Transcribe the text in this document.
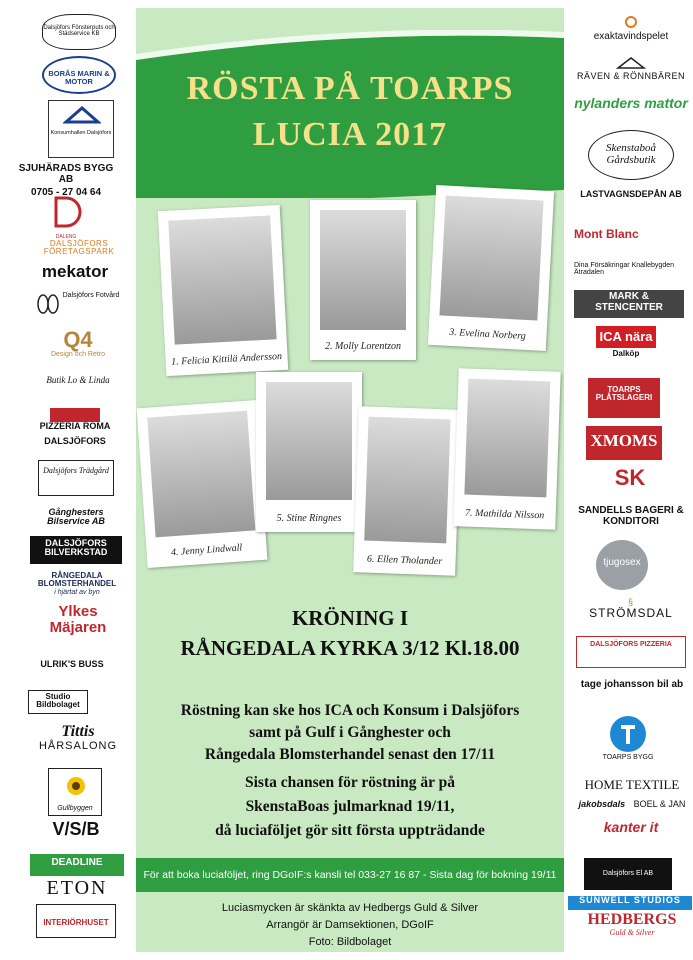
Dalsjöfors Fönsterputs och Städservice KB
BORÅS MARIN & MOTOR
Konsumhallen Dalsjöfors
SJUHÄRADS BYGG AB
0705 - 27 04 64
DALENG
DALSJÖFORS FÖRETAGSPARK
mekator
Dalsjöfors Fotvård
Q4
Design och Retro
Butik Lo & Linda
PIZZERIA ROMA
DALSJÖFORS
Dalsjöfors Trädgård
Gånghesters Bilservice AB
DALSJÖFORS BILVERKSTAD
RÅNGEDALA BLOMSTERHANDEL
i hjärtat av byn
Ylkes Mäjaren
ULRIK'S BUSS
Studio Bildbolaget
Tittis
HÅRSALONG
Gullbyggen
V/S/B
DEADLINE
ETON
INTERIÖRHUSET
RÖSTA PÅ TOARPS
LUCIA 2017
1. Felicia Kittilä Andersson
2. Molly Lorentzon
3. Evelina Norberg
4. Jenny Lindwall
5. Stine Ringnes
6. Ellen Tholander
7. Mathilda Nilsson
KRÖNING I
RÅNGEDALA KYRKA 3/12 Kl.18.00
Röstning kan ske hos ICA och Konsum i Dalsjöfors
samt på Gulf i Gånghester och
Rångedala Blomsterhandel senast den 17/11
Sista chansen för röstning är på
SkenstaBoas julmarknad 19/11,
då luciaföljet gör sitt första uppträdande
För att boka luciaföljet, ring DGoIF:s kansli tel 033-27 16 87 - Sista dag för bokning 19/11
Luciasmycken är skänkta av Hedbergs Guld & Silver
Arrangör är Damsektionen, DGoIF
Foto: Bildbolaget
exaktavindspelet
RÄVEN & RÖNNBÄREN
nylanders mattor
Skenstaboå Gårdsbutik
LASTVAGNSDEPÅN AB
Mont Blanc
Dina Försäkringar Knallebygden Ätradalen
MARK & STENCENTER
ICA nära
Dalköp
TOARPS PLÅTSLAGERI
XMOMS
SK
SANDELLS BAGERI & KONDITORI
tjugosex
§
STRÖMSDAL
DALSJÖFORS PIZZERIA
tage johansson bil ab
TOARPS BYGG
HOME TEXTILE
jakobsdals BOEL & JAN
kanter it
Dalsjöfors El AB
SUNWELL STUDIOS
HEDBERGS
Guld & Silver
